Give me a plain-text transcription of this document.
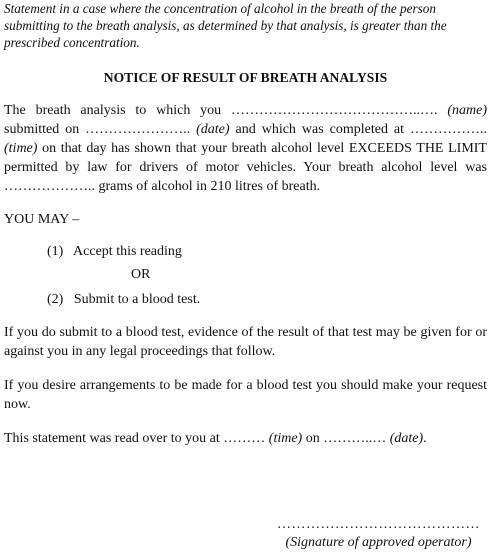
Statement in a case where the concentration of alcohol in the breath of the person submitting to the breath analysis, as determined by that analysis, is greater than the prescribed concentration.

NOTICE OF RESULT OF BREATH ANALYSIS

The breath analysis to which you …………………………………..…. (name) submitted on ………………….. (date) and which was completed at …………….. (time) on that day has shown that your breath alcohol level EXCEEDS THE LIMIT permitted by law for drivers of motor vehicles. Your breath alcohol level was ……………….. grams of alcohol in 210 litres of breath.

YOU MAY –

(1)   Accept this reading

OR

(2)   Submit to a blood test.

If you do submit to a blood test, evidence of the result of that test may be given for or against you in any legal proceedings that follow.

If you desire arrangements to be made for a blood test you should make your request now.

This statement was read over to you at ……… (time) on ………..… (date).

……………………………………
(Signature of approved operator)
